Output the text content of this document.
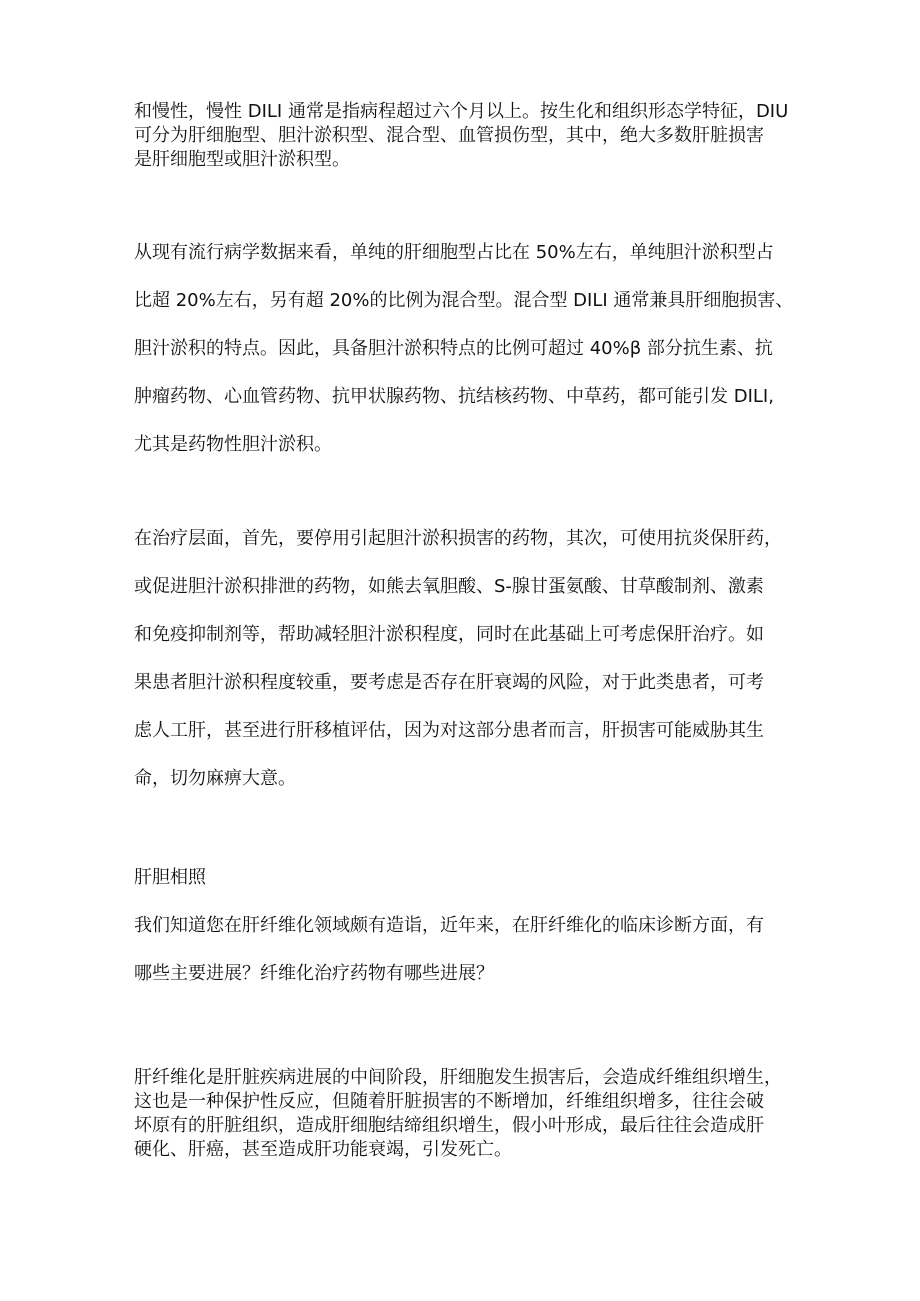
和慢性，慢性 DILI 通常是指病程超过六个月以上。按生化和组织形态学特征，DIU
可分为肝细胞型、胆汁淤积型、混合型、血管损伤型，其中，绝大多数肝脏损害
是肝细胞型或胆汁淤积型。
从现有流行病学数据来看，单纯的肝细胞型占比在 50%左右，单纯胆汁淤积型占
比超 20%左右，另有超 20%的比例为混合型。混合型 DILI 通常兼具肝细胞损害、
胆汁淤积的特点。因此，具备胆汁淤积特点的比例可超过 40%β 部分抗生素、抗
肿瘤药物、心血管药物、抗甲状腺药物、抗结核药物、中草药，都可能引发 DILI,
尤其是药物性胆汁淤积。
在治疗层面，首先，要停用引起胆汁淤积损害的药物，其次，可使用抗炎保肝药，
或促进胆汁淤积排泄的药物，如熊去氧胆酸、S-腺甘蛋氨酸、甘草酸制剂、激素
和免疫抑制剂等，帮助减轻胆汁淤积程度，同时在此基础上可考虑保肝治疗。如
果患者胆汁淤积程度较重，要考虑是否存在肝衰竭的风险，对于此类患者，可考
虑人工肝，甚至进行肝移植评估，因为对这部分患者而言，肝损害可能威胁其生
命，切勿麻痹大意。

肝胆相照

我们知道您在肝纤维化领域颇有造诣，近年来，在肝纤维化的临床诊断方面，有
哪些主要进展？纤维化治疗药物有哪些进展？
肝纤维化是肝脏疾病进展的中间阶段，肝细胞发生损害后，会造成纤维组织增生，
这也是一种保护性反应，但随着肝脏损害的不断增加，纤维组织增多，往往会破
坏原有的肝脏组织，造成肝细胞结缔组织增生，假小叶形成，最后往往会造成肝
硬化、肝癌，甚至造成肝功能衰竭，引发死亡。
